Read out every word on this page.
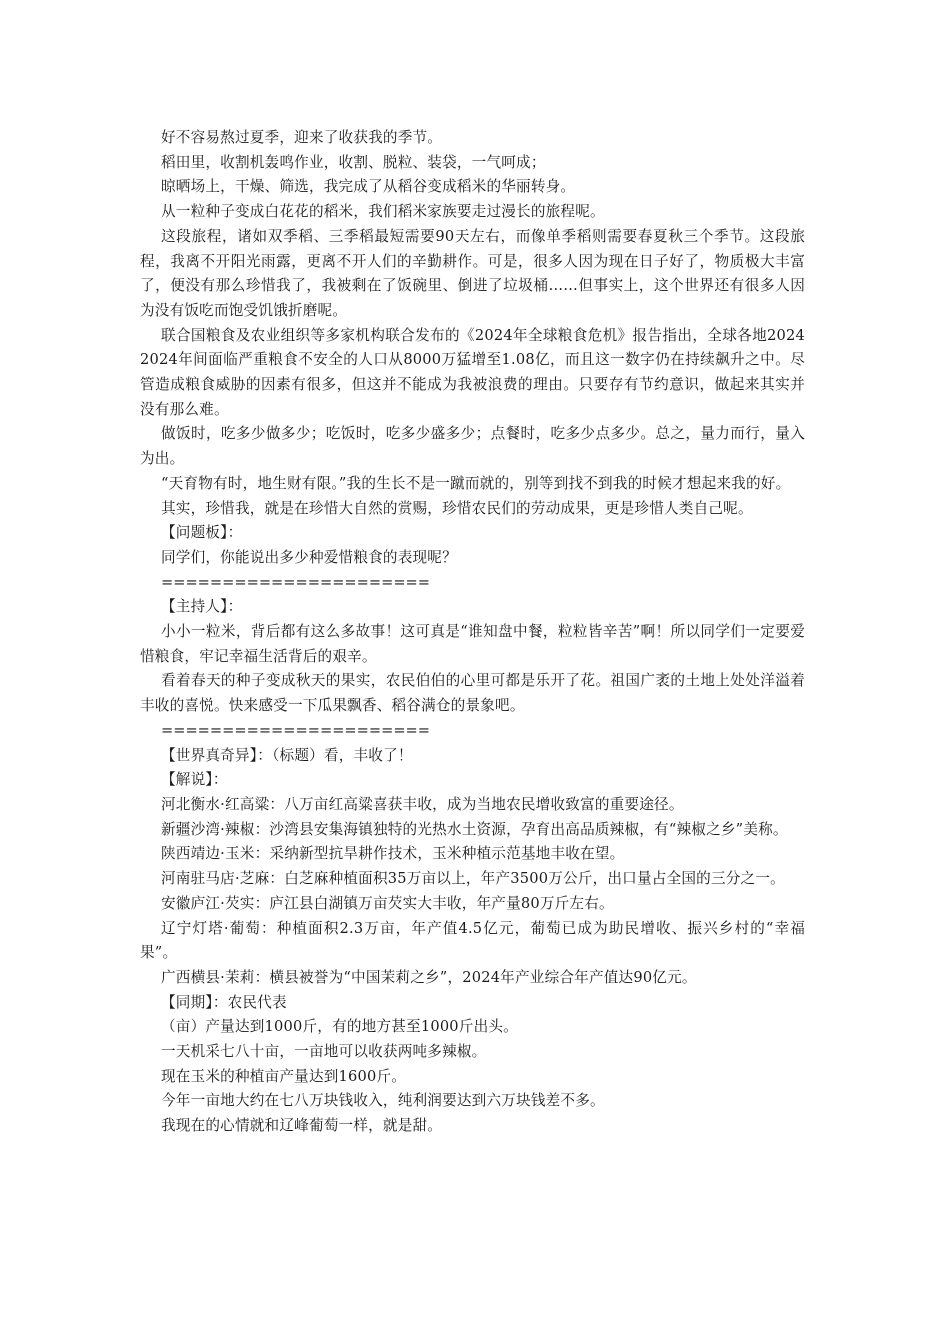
好不容易熬过夏季，迎来了收获我的季节。

稻田里，收割机轰鸣作业，收割、脱粒、装袋，一气呵成；

晾晒场上，干燥、筛选，我完成了从稻谷变成稻米的华丽转身。

从一粒种子变成白花花的稻米，我们稻米家族要走过漫长的旅程呢。

这段旅程，诸如双季稻、三季稻最短需要90天左右，而像单季稻则需要春夏秋三个季节。这段旅程，我离不开阳光雨露，更离不开人们的辛勤耕作。可是，很多人因为现在日子好了，物质极大丰富了，便没有那么珍惜我了，我被剩在了饭碗里、倒进了垃圾桶……但事实上，这个世界还有很多人因为没有饭吃而饱受饥饿折磨呢。

联合国粮食及农业组织等多家机构联合发布的《2024年全球粮食危机》报告指出，全球各地20242024年间面临严重粮食不安全的人口从8000万猛增至1.08亿，而且这一数字仍在持续飙升之中。尽管造成粮食威胁的因素有很多，但这并不能成为我被浪费的理由。只要存有节约意识，做起来其实并没有那么难。

做饭时，吃多少做多少；吃饭时，吃多少盛多少；点餐时，吃多少点多少。总之，量力而行，量入为出。

“天育物有时，地生财有限。”我的生长不是一蹴而就的，别等到找不到我的时候才想起来我的好。

其实，珍惜我，就是在珍惜大自然的赏赐，珍惜农民们的劳动成果，更是珍惜人类自己呢。

【问题板】：

同学们，你能说出多少种爱惜粮食的表现呢？

======================

【主持人】：

小小一粒米，背后都有这么多故事！这可真是“谁知盘中餐，粒粒皆辛苦”啊！所以同学们一定要爱惜粮食，牢记幸福生活背后的艰辛。

看着春天的种子变成秋天的果实，农民伯伯的心里可都是乐开了花。祖国广袤的土地上处处洋溢着丰收的喜悦。快来感受一下瓜果飘香、稻谷满仓的景象吧。

======================

【世界真奇异】：（标题）看，丰收了！

【解说】：

河北衡水·红高粱：八万亩红高粱喜获丰收，成为当地农民增收致富的重要途径。

新疆沙湾·辣椒：沙湾县安集海镇独特的光热水土资源，孕育出高品质辣椒，有“辣椒之乡”美称。

陕西靖边·玉米：采纳新型抗旱耕作技术，玉米种植示范基地丰收在望。

河南驻马店·芝麻：白芝麻种植面积35万亩以上，年产3500万公斤，出口量占全国的三分之一。

安徽庐江·芡实：庐江县白湖镇万亩芡实大丰收，年产量80万斤左右。

辽宁灯塔·葡萄：种植面积2.3万亩，年产值4.5亿元，葡萄已成为助民增收、振兴乡村的“幸福果”。

广西横县·茉莉：横县被誉为“中国茉莉之乡”，2024年产业综合年产值达90亿元。

【同期】：农民代表

（亩）产量达到1000斤，有的地方甚至1000斤出头。

一天机采七八十亩，一亩地可以收获两吨多辣椒。

现在玉米的种植亩产量达到1600斤。

今年一亩地大约在七八万块钱收入，纯利润要达到六万块钱差不多。

我现在的心情就和辽峰葡萄一样，就是甜。
